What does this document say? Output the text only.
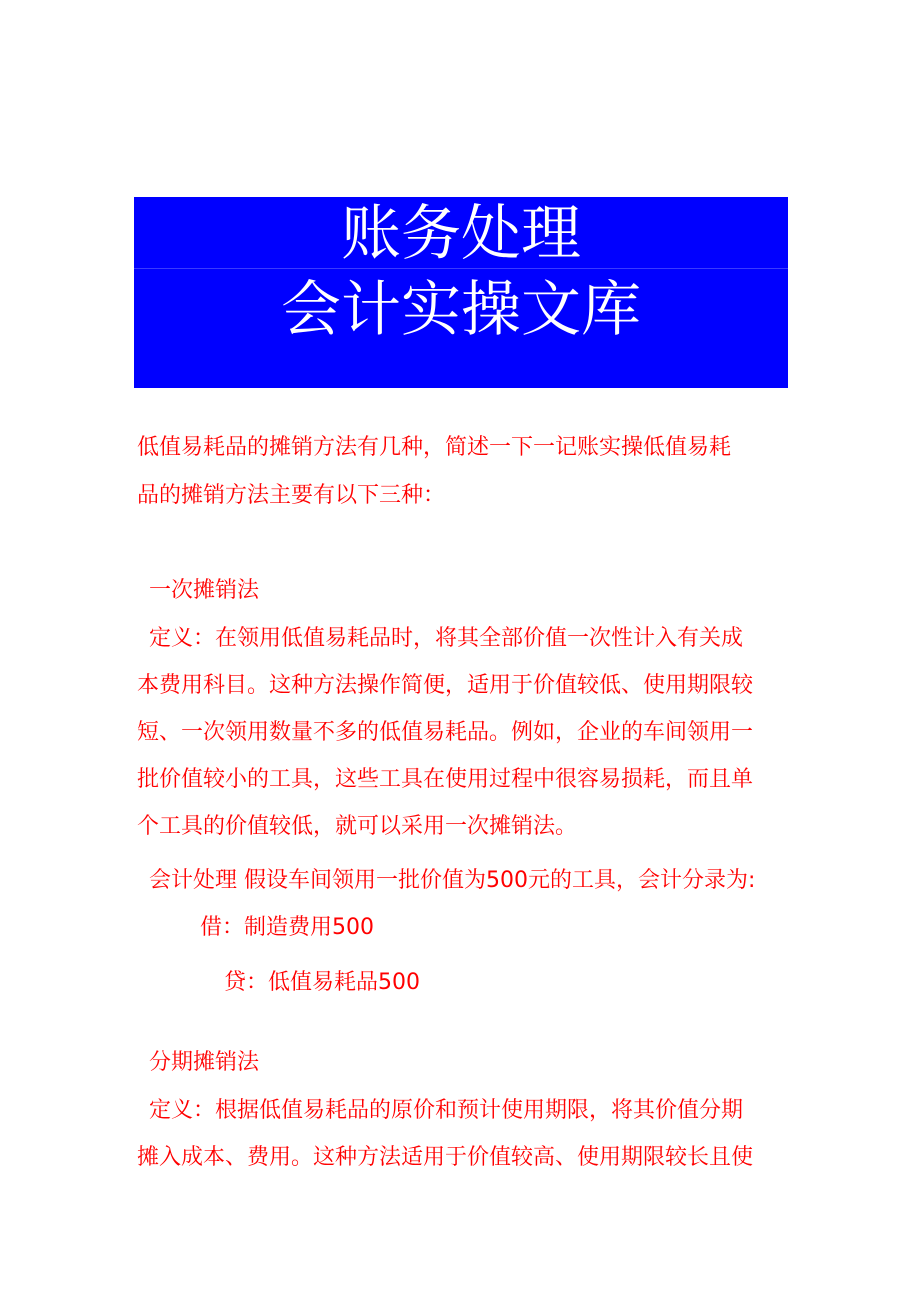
账务处理
会计实操文库
低值易耗品的摊销方法有几种，简述一下一记账实操低值易耗
品的摊销方法主要有以下三种：
一次摊销法
定义：在领用低值易耗品时，将其全部价值一次性计入有关成
本费用科目。这种方法操作简便，适用于价值较低、使用期限较
短、一次领用数量不多的低值易耗品。例如，企业的车间领用一
批价值较小的工具，这些工具在使用过程中很容易损耗，而且单
个工具的价值较低，就可以采用一次摊销法。
会计处理 假设车间领用一批价值为500元的工具，会计分录为:
借：制造费用500
贷：低值易耗品500
分期摊销法
定义：根据低值易耗品的原价和预计使用期限，将其价值分期
摊入成本、费用。这种方法适用于价值较高、使用期限较长且使
